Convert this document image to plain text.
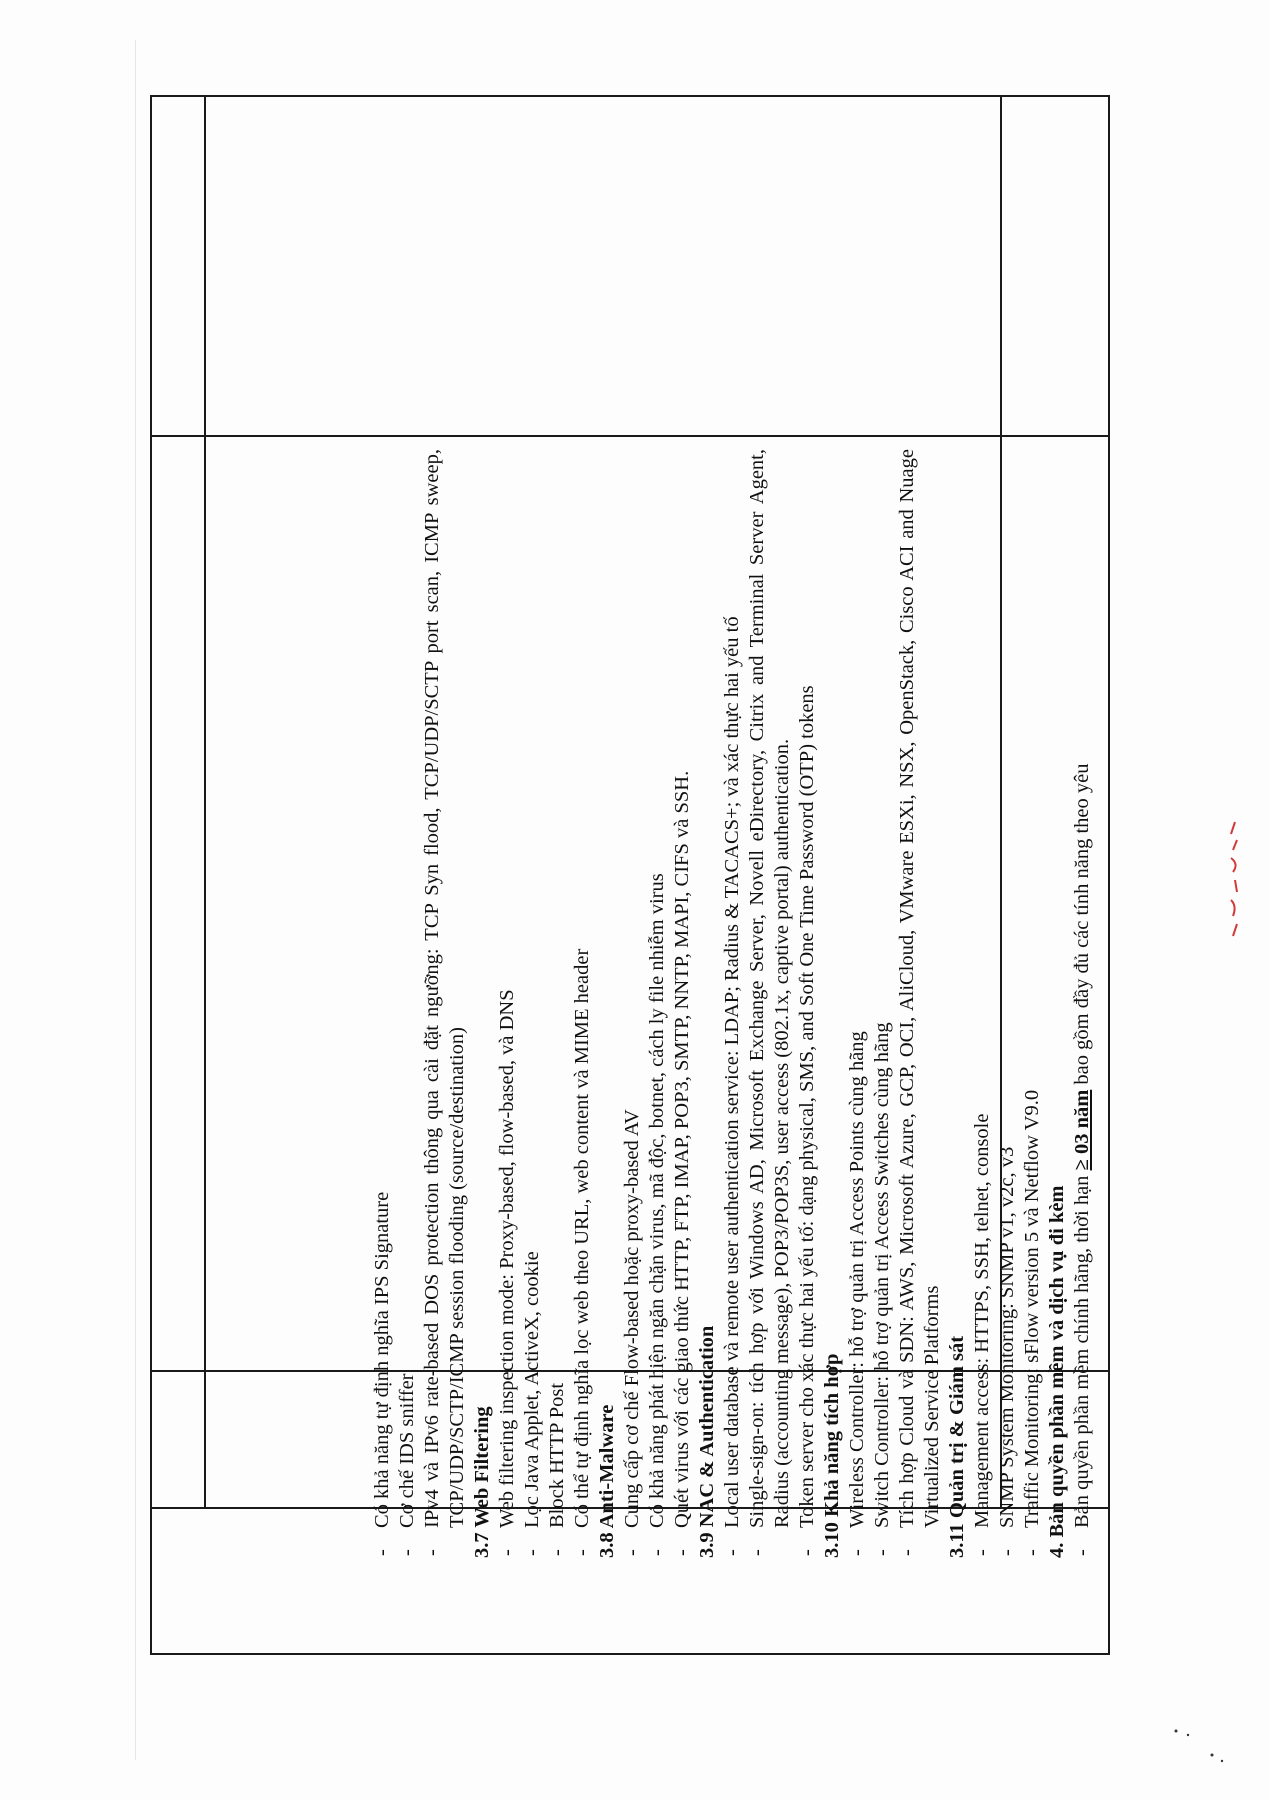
-
Có khả năng tự định nghĩa IPS Signature
-
Cơ chế IDS sniffer
-
IPv4 và IPv6 rate-based DOS protection thông qua cài đặt ngưỡng: TCP Syn flood, TCP/UDP/SCTP port scan, ICMP sweep, TCP/UDP/SCTP/ICMP session flooding (source/destination) 3.7 Web Filtering -
Web filtering inspection mode: Proxy-based, flow-based, và DNS
-
Lọc Java Applet, ActiveX, cookie
-
Block HTTP Post
-
Có thể tự định nghĩa lọc web theo URL, web content và MIME header 3.8 Anti-Malware -
Cung cấp cơ chế Flow-based hoặc proxy-based AV
-
Có khả năng phát hiện ngăn chặn virus, mã độc, botnet, cách ly file nhiễm virus
-
Quét virus với các giao thức HTTP, FTP, IMAP, POP3, SMTP, NNTP, MAPI, CIFS và SSH. 3.9 NAC & Authentication -
Local user database và remote user authentication service: LDAP; Radius & TACACS+; và xác thực hai yếu tố
-
Single-sign-on: tích hợp với Windows AD, Microsoft Exchange Server, Novell eDirectory, Citrix and Terminal Server Agent, Radius (accounting message), POP3/POP3S, user access (802.1x, captive portal) authentication.
-
Token server cho xác thực hai yếu tố: dạng physical, SMS, and Soft One Time Password (OTP) tokens 3.10 Khả năng tích hợp -
Wireless Controller: hỗ trợ quản trị Access Points cùng hãng
-
Switch Controller: hỗ trợ quản trị Access Switches cùng hãng
-
Tích hợp Cloud và SDN: AWS, Microsoft Azure, GCP, OCI, AliCloud, VMware ESXi, NSX, OpenStack, Cisco ACI and Nuage Virtualized Service Platforms 3.11 Quản trị & Giám sát -
Management access: HTTPS, SSH, telnet, console
-
SNMP System Monitoring: SNMP v1, v2c, v3
-
Traffic Monitoring: sFlow version 5 và Netflow V9.0 4. Bản quyền phần mềm và dịch vụ đi kèm -
Bản quyền phần mềm chính hãng, thời hạn ≥ 03 năm bao gồm đầy đủ các tính năng theo yêu
